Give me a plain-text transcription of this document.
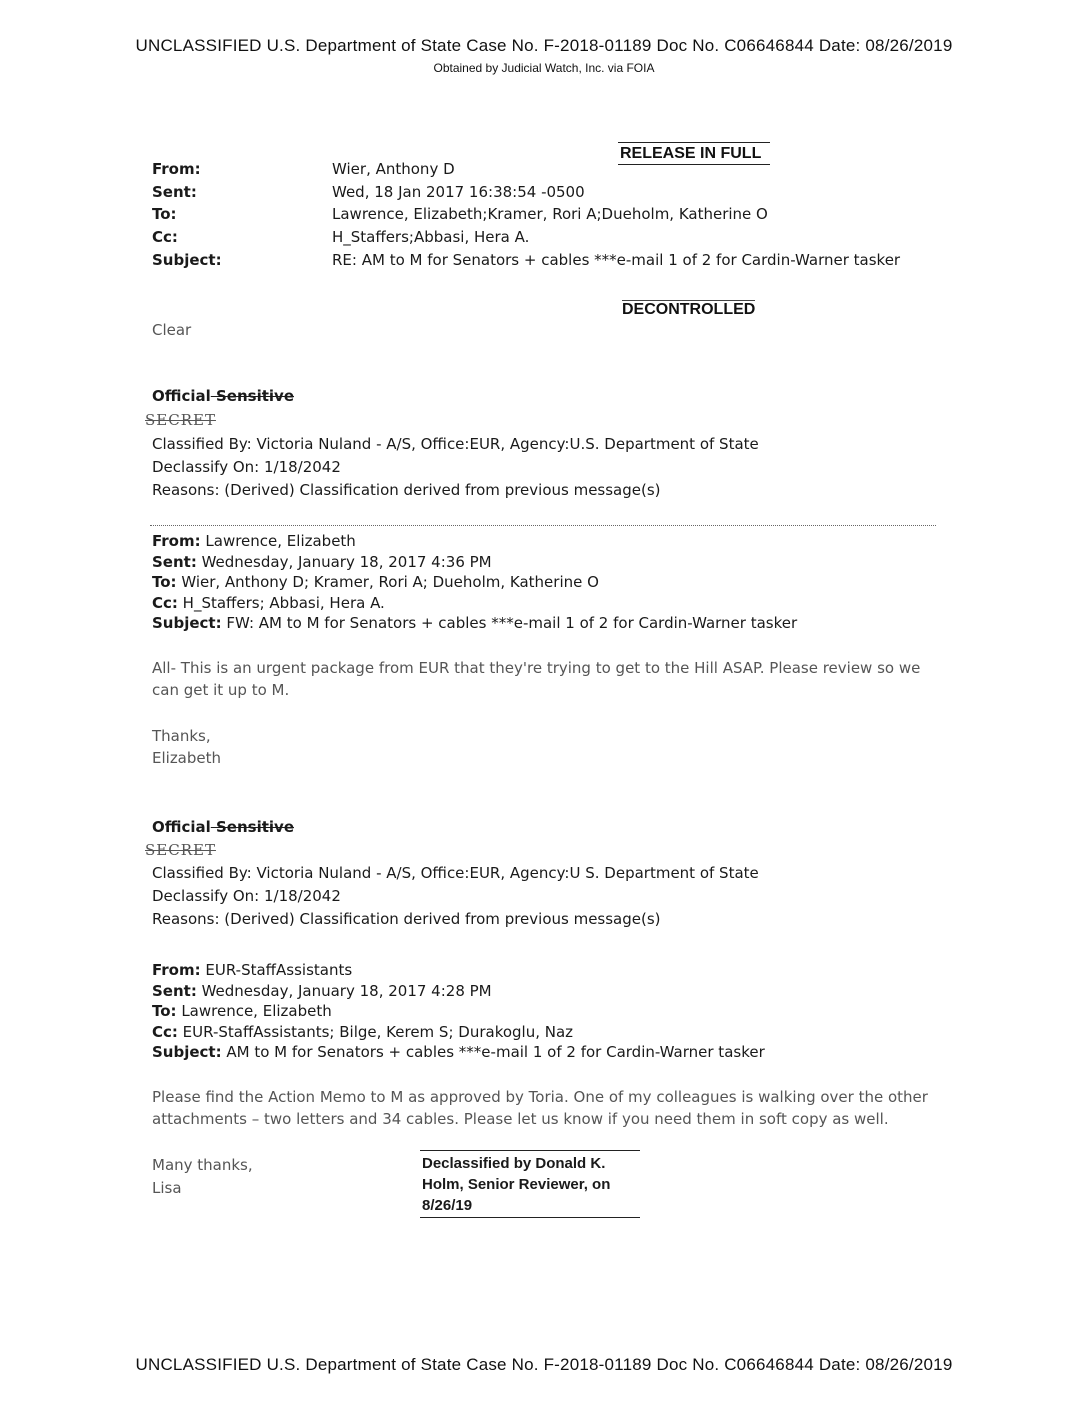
UNCLASSIFIED U.S. Department of State Case No. F-2018-01189 Doc No. C06646844 Date: 08/26/2019
Obtained by Judicial Watch, Inc. via FOIA
RELEASE IN FULL
From:	Wier, Anthony D
Sent:	Wed, 18 Jan 2017 16:38:54 -0500
To:	Lawrence, Elizabeth;Kramer, Rori A;Dueholm, Katherine O
Cc:	H_Staffers;Abbasi, Hera A.
Subject:	RE: AM to M for Senators + cables ***e-mail 1 of 2 for Cardin-Warner tasker
DECONTROLLED
Clear
Official Sensitive
SECRET
Classified By: Victoria Nuland - A/S, Office:EUR, Agency:U.S. Department of State
Declassify On: 1/18/2042
Reasons: (Derived) Classification derived from previous message(s)
From: Lawrence, Elizabeth
Sent: Wednesday, January 18, 2017 4:36 PM
To: Wier, Anthony D; Kramer, Rori A; Dueholm, Katherine O
Cc: H_Staffers; Abbasi, Hera A.
Subject: FW: AM to M for Senators + cables ***e-mail 1 of 2 for Cardin-Warner tasker
All- This is an urgent package from EUR that they're trying to get to the Hill ASAP. Please review so we
can get it up to M.
Thanks,
Elizabeth
Official Sensitive
SECRET
Classified By: Victoria Nuland - A/S, Office:EUR, Agency:U S. Department of State
Declassify On: 1/18/2042
Reasons: (Derived) Classification derived from previous message(s)
From: EUR-StaffAssistants
Sent: Wednesday, January 18, 2017 4:28 PM
To: Lawrence, Elizabeth
Cc: EUR-StaffAssistants; Bilge, Kerem S; Durakoglu, Naz
Subject: AM to M for Senators + cables ***e-mail 1 of 2 for Cardin-Warner tasker
Please find the Action Memo to M as approved by Toria. One of my colleagues is walking over the other
attachments – two letters and 34 cables. Please let us know if you need them in soft copy as well.
Many thanks,
Lisa
Declassified by Donald K.
Holm, Senior Reviewer, on
8/26/19
UNCLASSIFIED U.S. Department of State Case No. F-2018-01189 Doc No. C06646844 Date: 08/26/2019
